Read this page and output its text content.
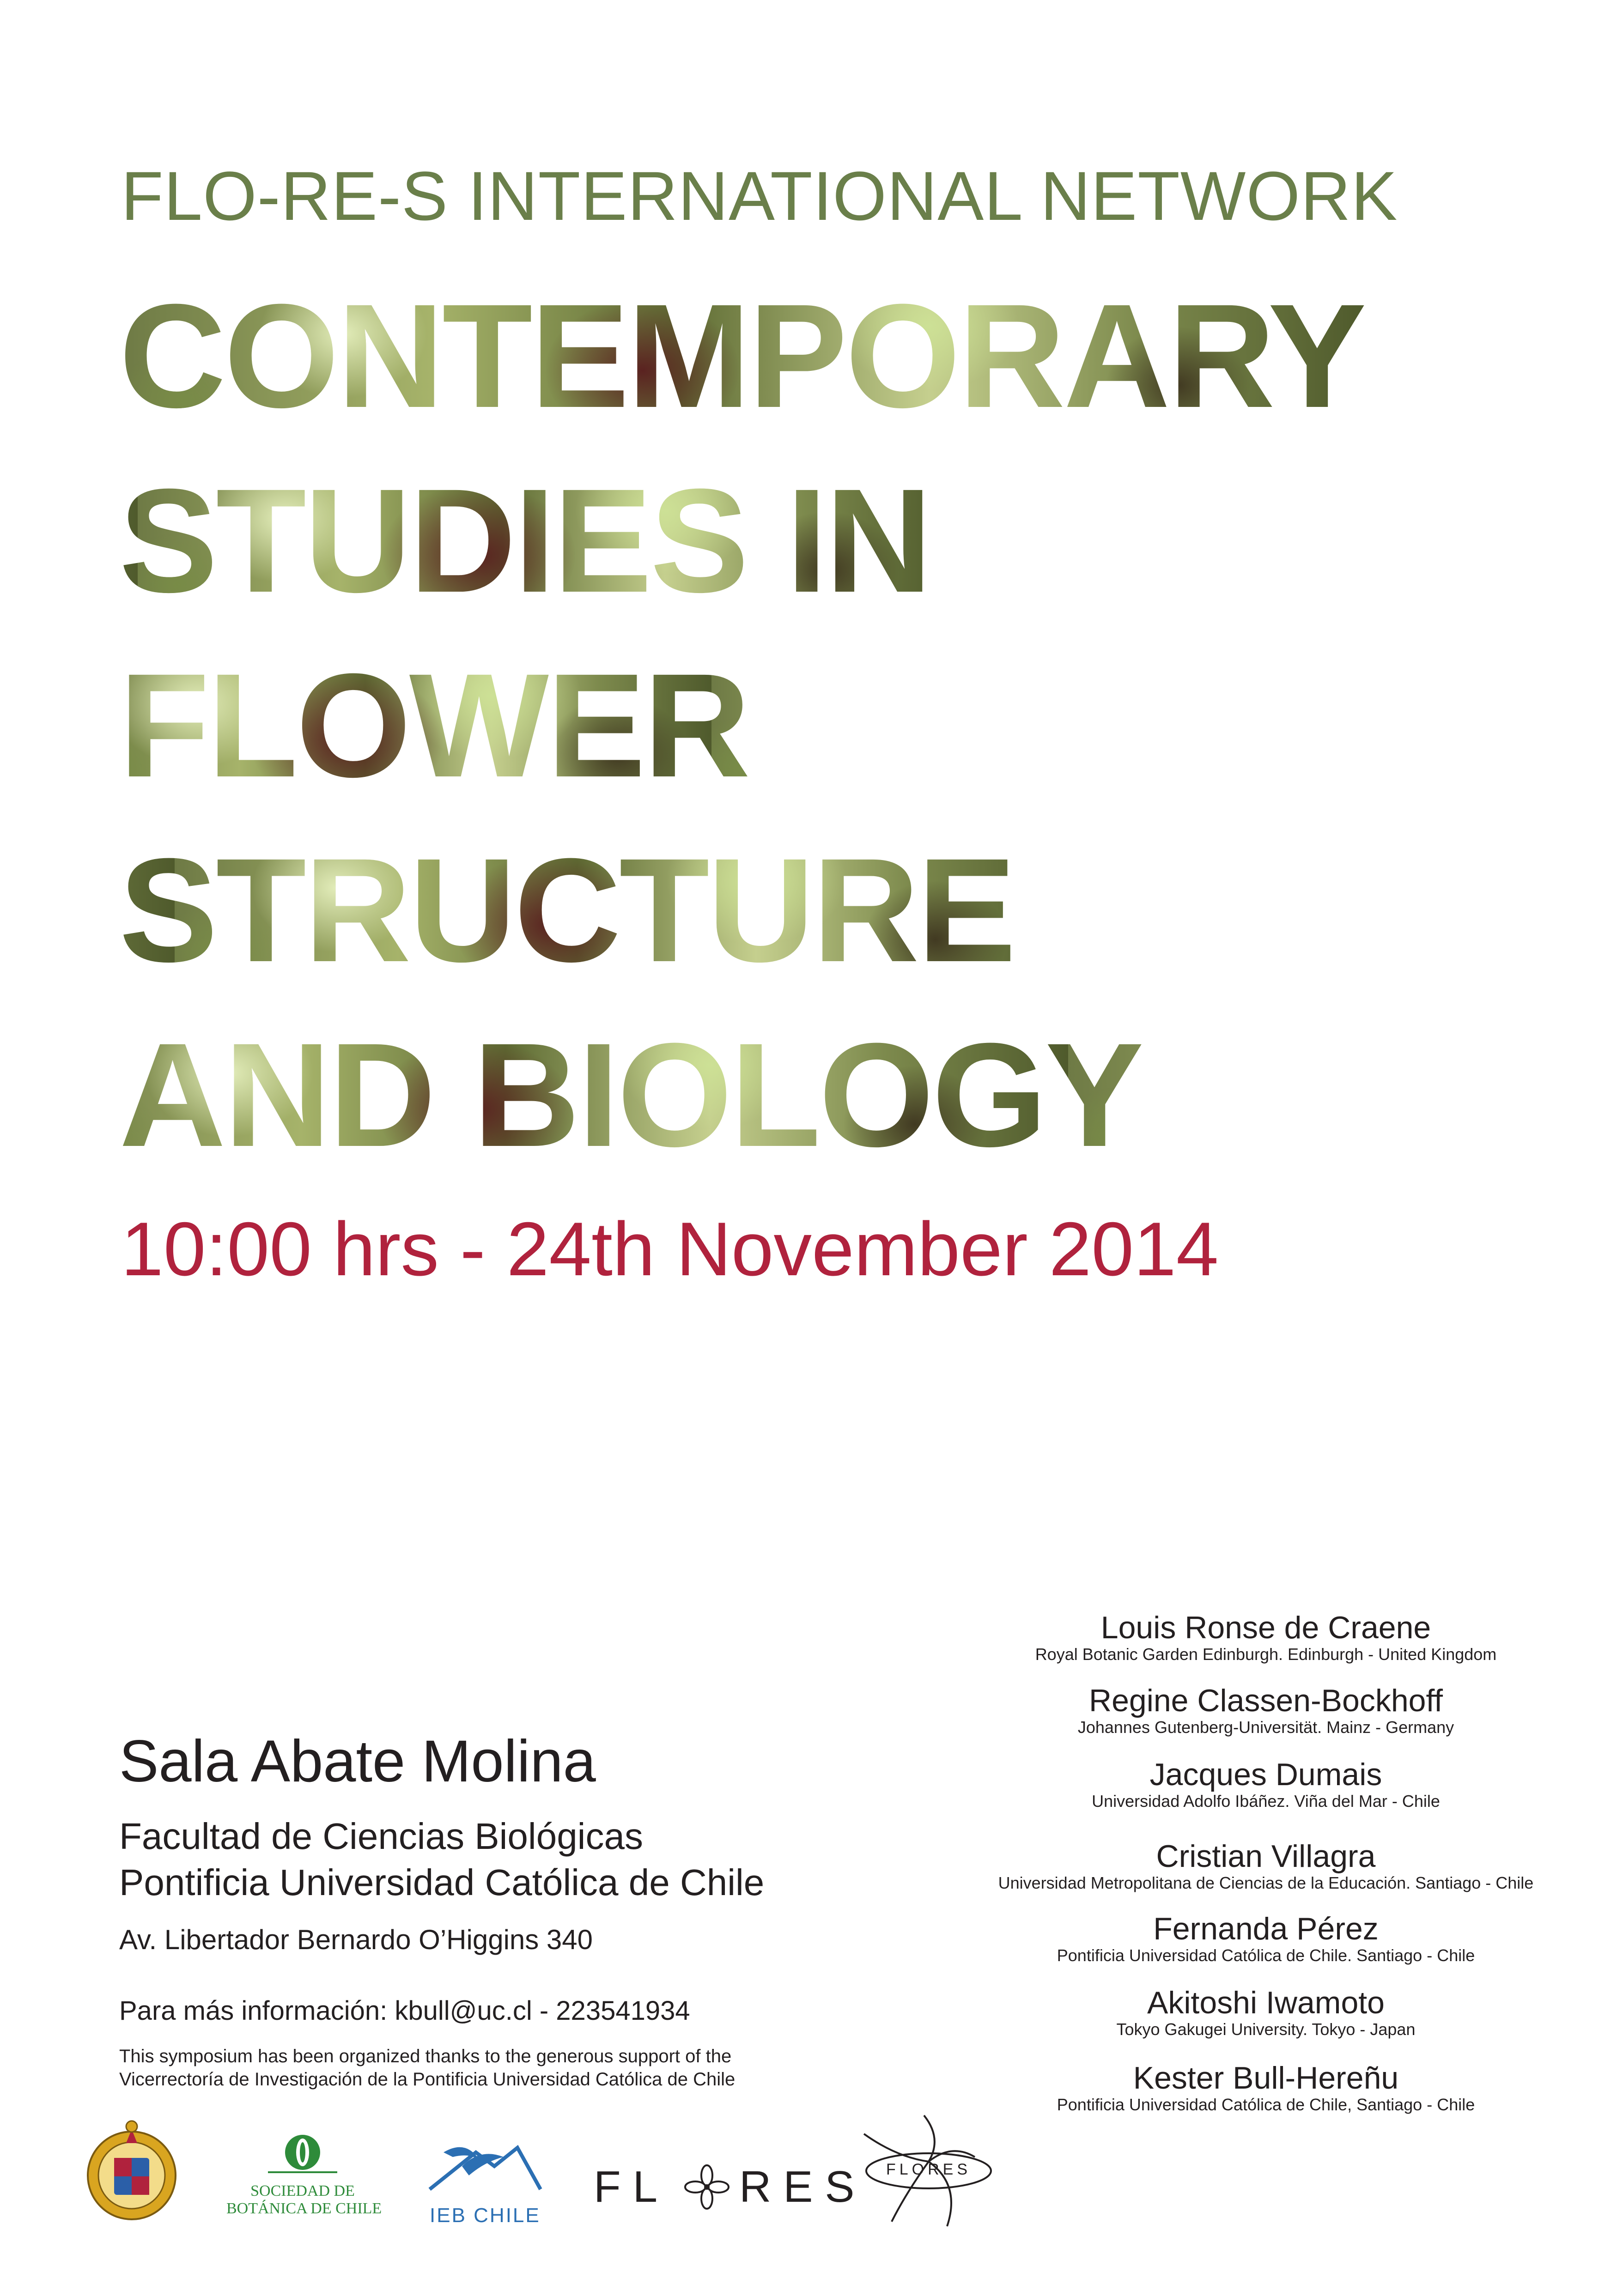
FLO-RE-S INTERNATIONAL NETWORK
CONTEMPORARY
STUDIES IN
FLOWER
STRUCTURE
AND BIOLOGY
10:00 hrs - 24th November 2014
Sala Abate Molina
Facultad de Ciencias Biológicas
Pontificia Universidad Católica de Chile
Av. Libertador Bernardo O’Higgins 340
Para más información: kbull@uc.cl - 223541934
This symposium has been organized thanks to the generous support of the
Vicerrectoría de Investigación de la Pontificia Universidad Católica de Chile
Louis Ronse de Craene
Royal Botanic Garden Edinburgh. Edinburgh - United Kingdom
Regine Classen-Bockhoff
Johannes Gutenberg-Universität. Mainz - Germany
Jacques Dumais
Universidad Adolfo Ibáñez. Viña del Mar - Chile
Cristian Villagra
Universidad Metropolitana de Ciencias de la Educación. Santiago - Chile
Fernanda Pérez
Pontificia Universidad Católica de Chile. Santiago - Chile
Akitoshi Iwamoto
Tokyo Gakugei University. Tokyo - Japan
Kester Bull-Hereñu
Pontificia Universidad Católica de Chile, Santiago - Chile
SOCIEDAD DE
BOTÁNICA DE CHILE IEB CHILE
FL RES FLORES
